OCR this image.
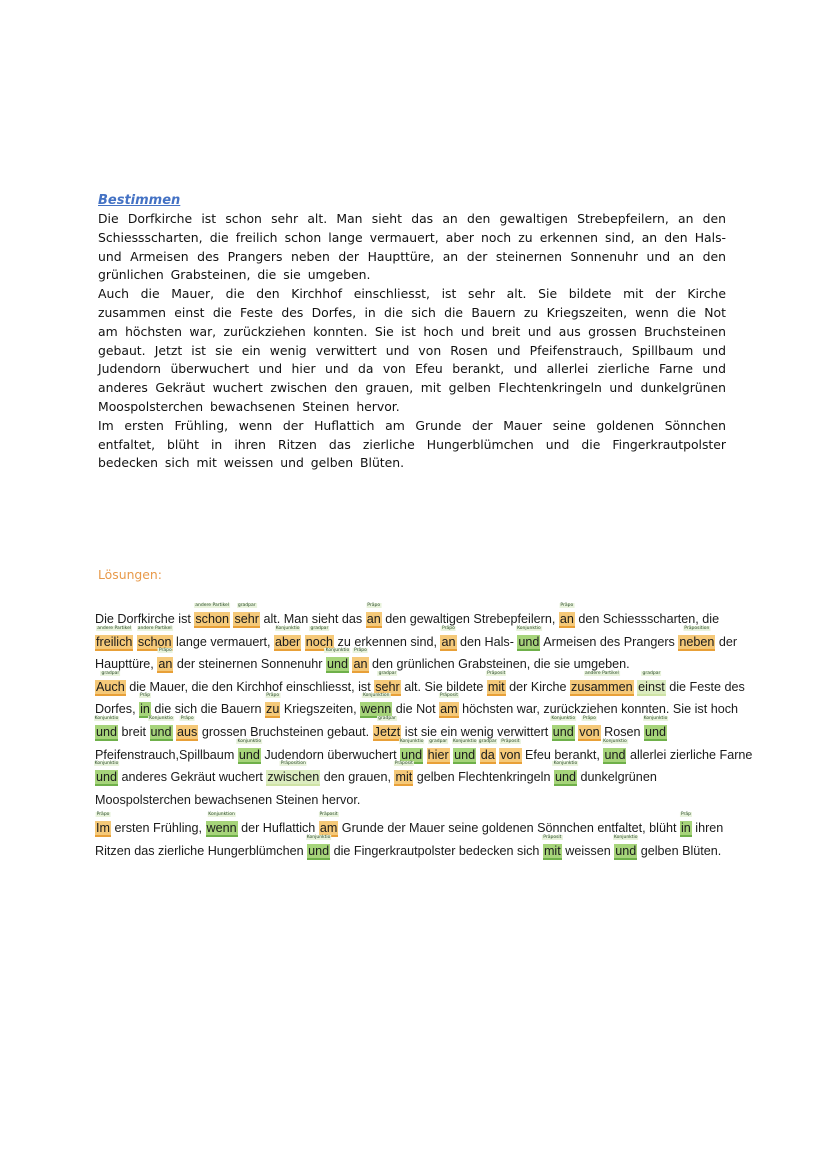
Bestimmen

Die Dorfkirche ist schon sehr alt. Man sieht das an den gewaltigen Strebepfeilern, an den Schiessscharten, die freilich schon lange vermauert, aber noch zu erkennen sind, an den Hals- und Armeisen des Prangers neben der Haupttüre, an der steinernen Sonnenuhr und an den grünlichen Grabsteinen, die sie umgeben.

Auch die Mauer, die den Kirchhof einschliesst, ist sehr alt. Sie bildete mit der Kirche zusammen einst die Feste des Dorfes, in die sich die Bauern zu Kriegszeiten, wenn die Not am höchsten war, zurückziehen konnten. Sie ist hoch und breit und aus grossen Bruchsteinen gebaut. Jetzt ist sie ein wenig verwittert und von Rosen und Pfeifenstrauch, Spillbaum und Judendorn überwuchert und hier und da von Efeu berankt, und allerlei zierliche Farne und anderes Gekräut wuchert zwischen den grauen, mit gelben Flechtenkringeln und dunkelgrünen Moospolsterchen bewachsenen Steinen hervor.

Im ersten Frühling, wenn der Huflattich am Grunde der Mauer seine goldenen Sönnchen entfaltet, blüht in ihren Ritzen das zierliche Hungerblümchen und die Fingerkrautpolster bedecken sich mit weissen und gelben Blüten.

Lösungen:

Die Dorfkirche ist
andere Partikel
schon
gradpar
sehr alt. Man sieht das
Präpo
an den gewaltigen Strebepfeilern,
Präpo
an den Schiessscharten, die
andere Partikel
freilich
andere Partikel
schon lange vermauert,
Konjunktio
aber
gradpar
noch zu erkennen sind,
Präpo
an den Hals-
Konjunktio
und Armeisen des Prangers
Präposition
neben der Haupttüre,
Präpo
an der steinernen Sonnenuhr
Konjunktio
und
Präpo
an den grünlichen Grabsteinen, die sie umgeben.

gradpar
Auch die Mauer, die den Kirchhof einschliesst, ist
gradpar
sehr alt. Sie bildete
Präposit
mit der Kirche
andere Partikel
zusammen
gradpar
einst die Feste des Dorfes,
Präp
in die sich die Bauern
Präpo
zu Kriegszeiten,
Konjunktion
wenn die Not
Präposit
am höchsten war, zurückziehen konnten. Sie ist hoch
Konjunktio
und breit
Konjunktio
und
Präpo
aus grossen Bruchsteinen gebaut.
gradpar
Jetzt ist sie ein wenig verwittert
Konjunktio
und
Präpo
von Rosen
Konjunktio
und Pfeifenstrauch,Spillbaum
Konjunktio
und Judendorn überwuchert
Konjunktio
und
gradpar
hier
Konjunktio
und
gradpar
da
Präposit
von Efeu berankt,
Konjunktio
und allerlei zierliche Farne
Konjunktio
und anderes Gekräut wuchert
Präposition
zwischen den grauen,
Präposit
mit gelben Flechtenkringeln
Konjunktio
und dunkelgrünen Moospolsterchen bewachsenen Steinen hervor.

Präpo
Im ersten Frühling,
Konjunktion
wenn der Huflattich
Präposit
am Grunde der Mauer seine goldenen Sönnchen entfaltet, blüht
Präp
in ihren Ritzen das zierliche Hungerblümchen
Konjunktio
und die Fingerkrautpolster bedecken sich
Präposit
mit weissen
Konjunktio
und gelben Blüten.
